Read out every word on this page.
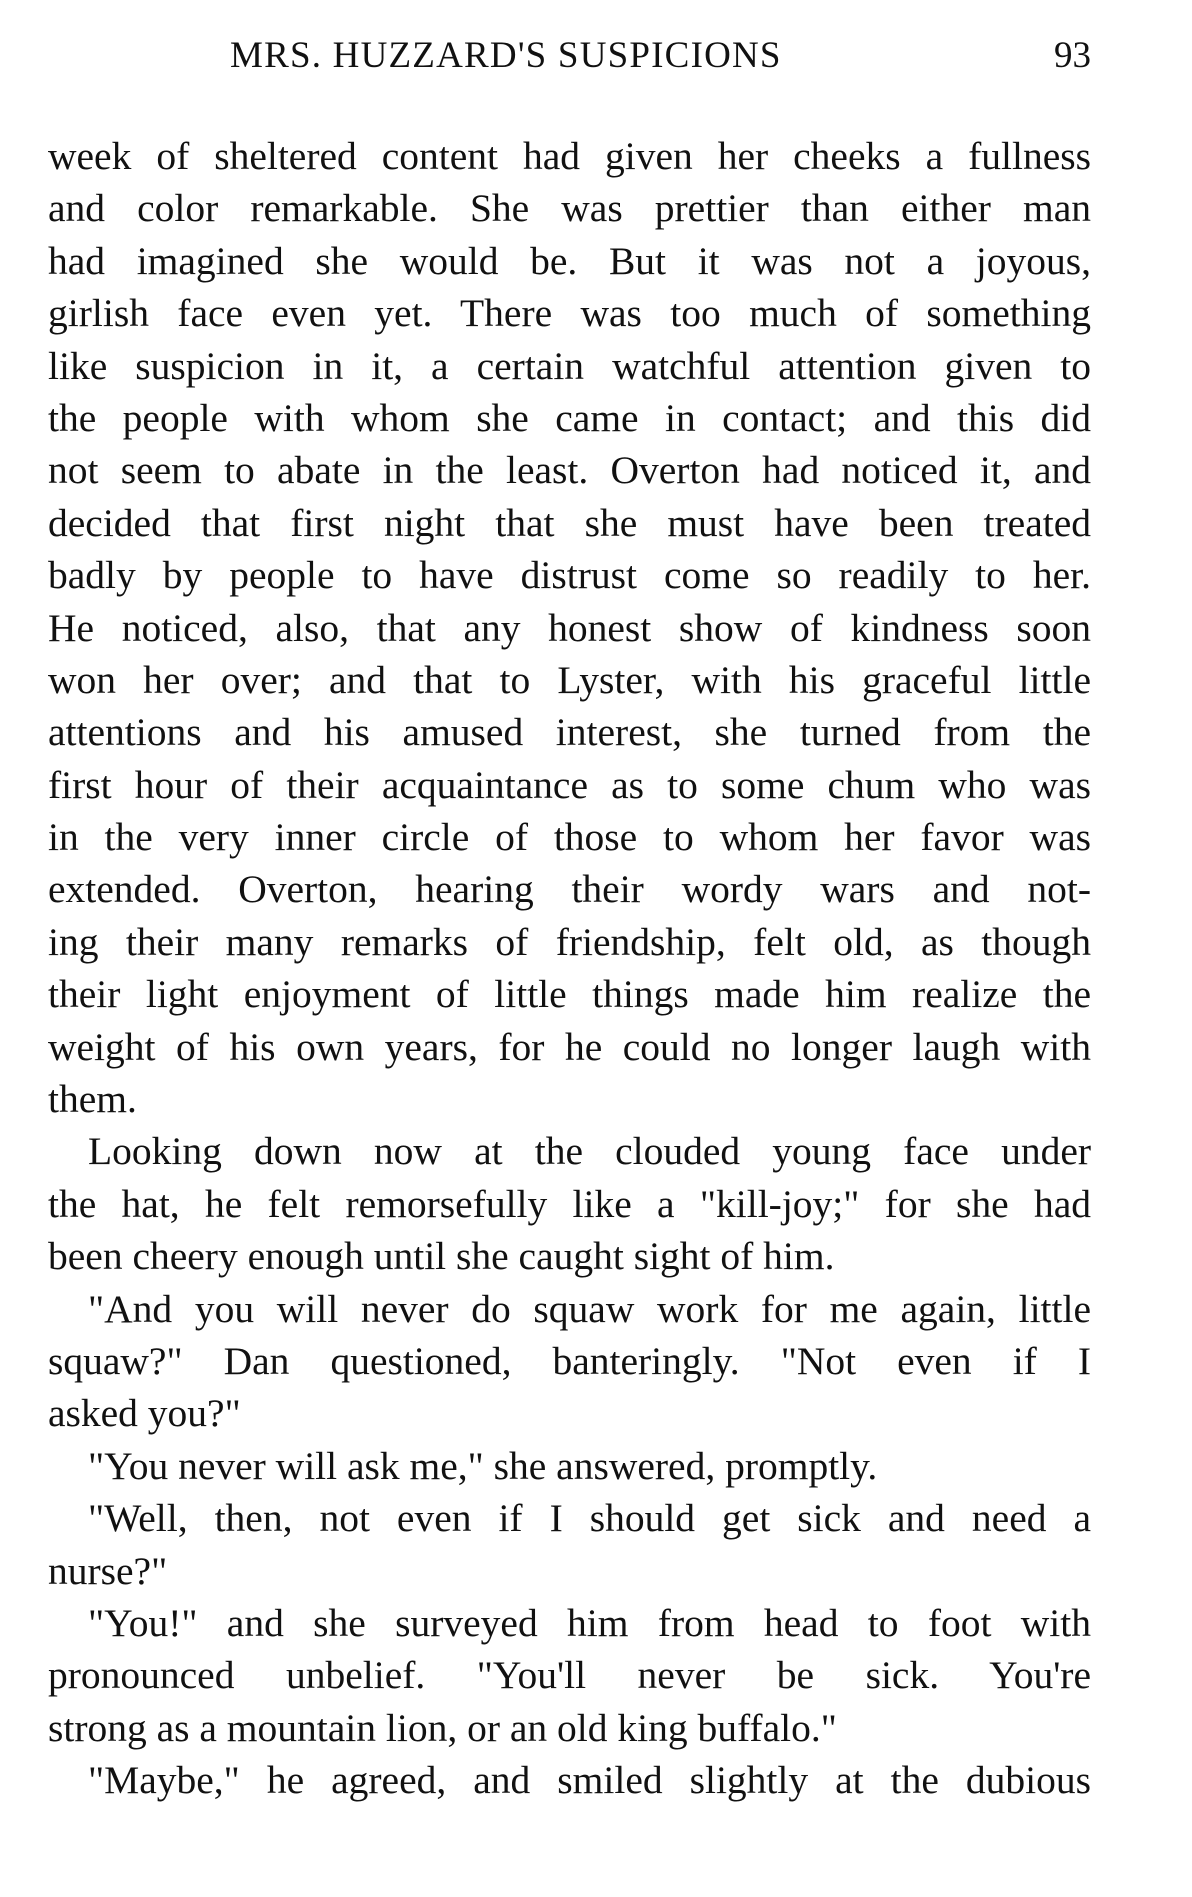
MRS. HUZZARD'S SUSPICIONS	93
week of sheltered content had given her cheeks a fullness
and color remarkable. She was prettier than either man
had imagined she would be. But it was not a joyous,
girlish face even yet. There was too much of something
like suspicion in it, a certain watchful attention given to
the people with whom she came in contact; and this did
not seem to abate in the least. Overton had noticed it, and
decided that first night that she must have been treated
badly by people to have distrust come so readily to her.
He noticed, also, that any honest show of kindness soon
won her over; and that to Lyster, with his graceful little
attentions and his amused interest, she turned from the
first hour of their acquaintance as to some chum who was
in the very inner circle of those to whom her favor was
extended. Overton, hearing their wordy wars and not-
ing their many remarks of friendship, felt old, as though
their light enjoyment of little things made him realize the
weight of his own years, for he could no longer laugh with
them.
Looking down now at the clouded young face under
the hat, he felt remorsefully like a "kill-joy;" for she had
been cheery enough until she caught sight of him.
"And you will never do squaw work for me again, little
squaw?" Dan questioned, banteringly. "Not even if I
asked you?"
"You never will ask me," she answered, promptly.
"Well, then, not even if I should get sick and need a
nurse?"
"You!" and she surveyed him from head to foot with
pronounced unbelief. "You'll never be sick. You're
strong as a mountain lion, or an old king buffalo."
"Maybe," he agreed, and smiled slightly at the dubious
